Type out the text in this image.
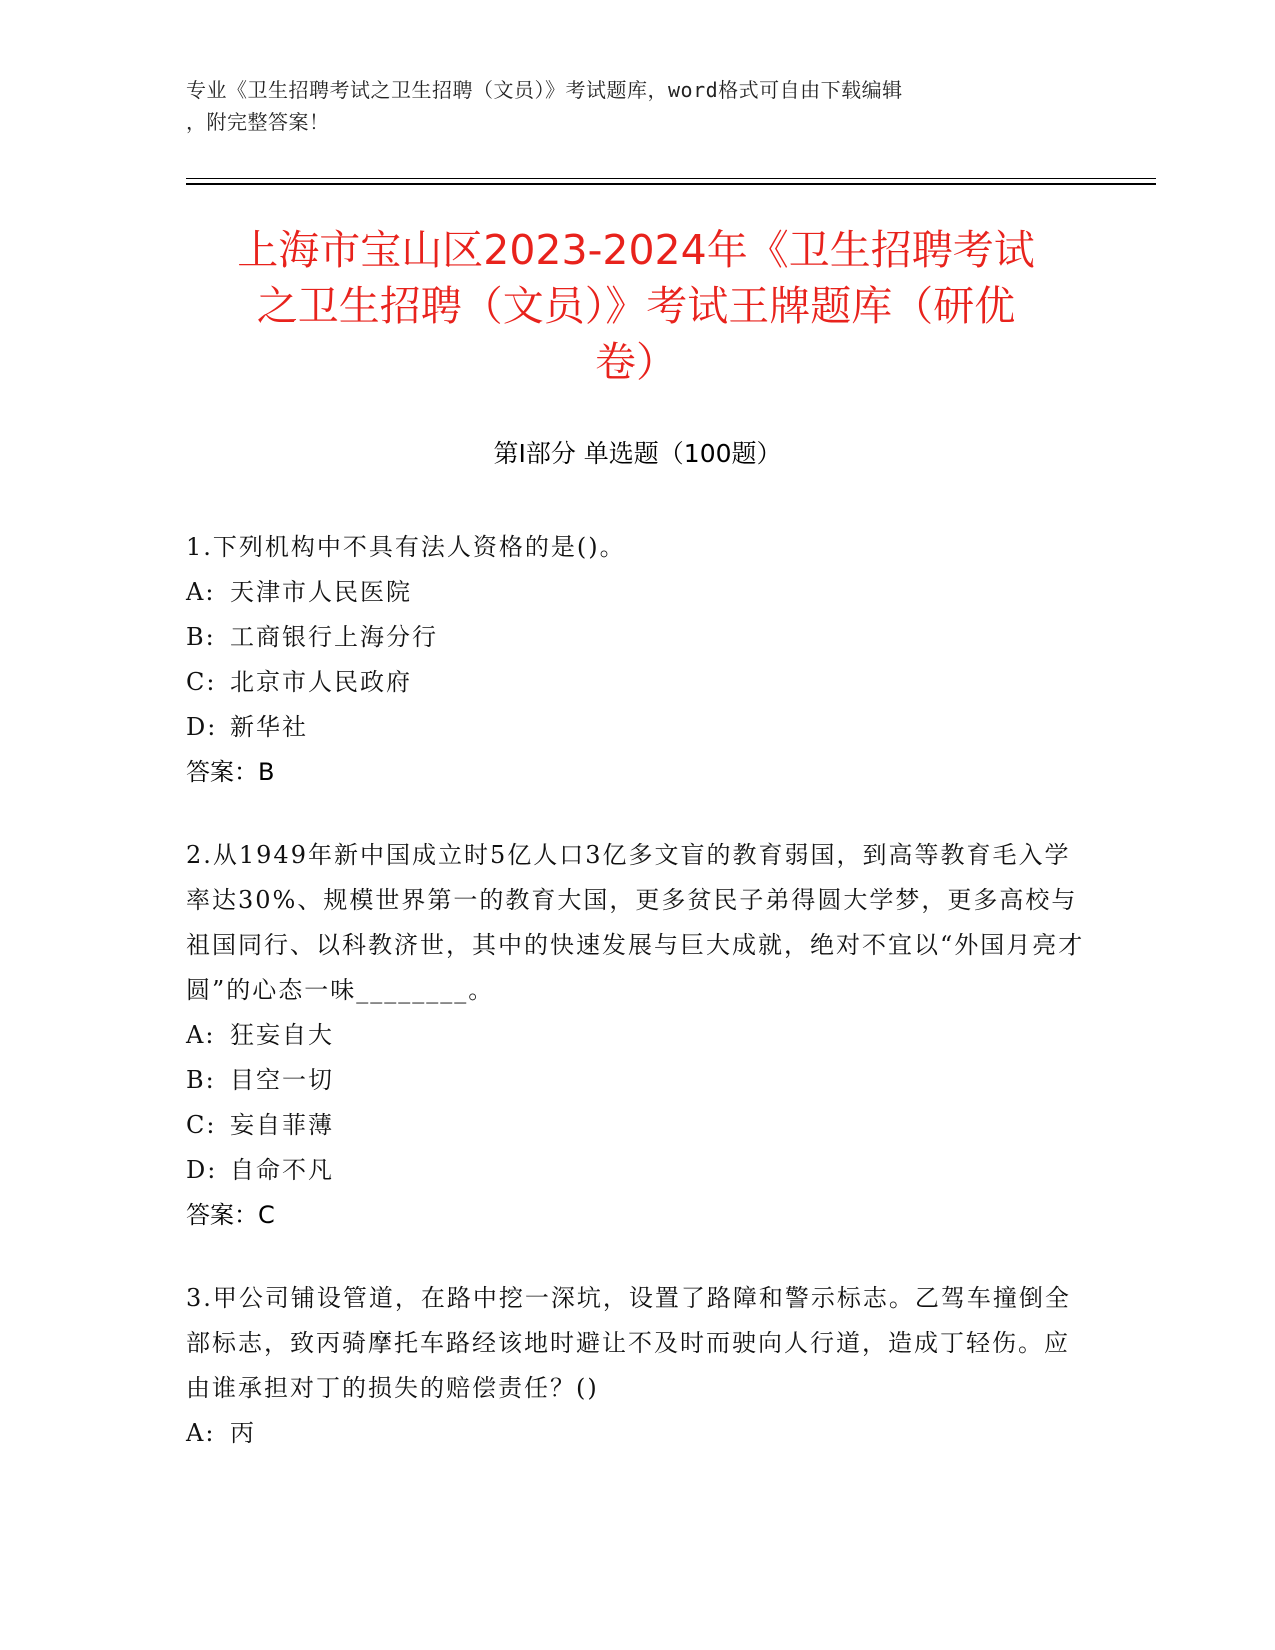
专业《卫生招聘考试之卫生招聘（文员）》考试题库，word格式可自由下载编辑
，附完整答案！
上海市宝山区2023-2024年《卫生招聘考试
之卫生招聘（文员）》考试王牌题库（研优
卷）
第Ⅰ部分 单选题（100题）
1.下列机构中不具有法人资格的是()。
A: 天津市人民医院
B: 工商银行上海分行
C: 北京市人民政府
D: 新华社
答案：B
2.从1949年新中国成立时5亿人口3亿多文盲的教育弱国，到高等教育毛入学率达30%、规模世界第一的教育大国，更多贫民子弟得圆大学梦，更多高校与祖国同行、以科教济世，其中的快速发展与巨大成就，绝对不宜以“外国月亮才圆”的心态一味________。
A: 狂妄自大
B: 目空一切
C: 妄自菲薄
D: 自命不凡
答案：C
3.甲公司铺设管道，在路中挖一深坑，设置了路障和警示标志。乙驾车撞倒全部标志，致丙骑摩托车路经该地时避让不及时而驶向人行道，造成丁轻伤。应由谁承担对丁的损失的赔偿责任？()
A: 丙
